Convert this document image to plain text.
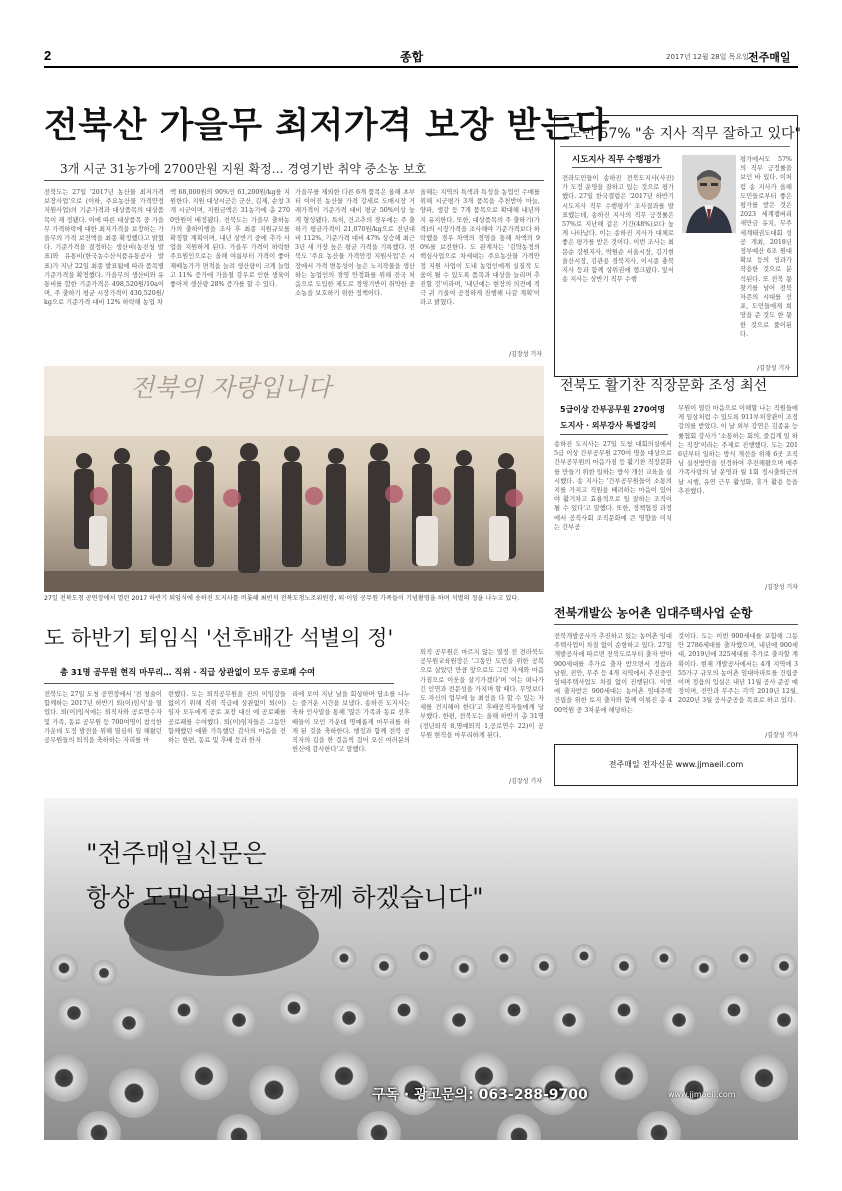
2	종합	2017년 12월 28일 목요일 전주매일
전북산 가을무 최저가격 보장 받는다
3개 시군 31농가에 2700만원 지원 확정… 경영기반 취약 중소농 보호
전북도는 27일 '2017년 농산물 최저가격 보장사업'으로 (이하, 주요농산물 가격안정 지원사업)의 기준가격과 대상품목의 대상품목이 재 정됐다. 이에 따른 대상품목 중 가을무 가격하락에 대한 최저가격을 보장하는 가을무의 가격 보전액을 최종 확정했다고 밝혔다. 기준가격을 결정하는 생산비(농진청 발표)와 유통비(한국농수산식품유통공사 발표)가 지난 22일 최종 발표됨에 따라 품목별 기준가격을 확정했다. 가을무의 생산비와 유통비를 합한 기준가격은 498,520원/10a이며, 주 출하기 평균 시장가격이 430,520원/kg으로 기준가격 대비 12% 하락해 농업 차
액 68,000원의 90%인 61,200원/kg를 지원한다. 지원 대상시군은 군산, 김제, 순창 3개 시군이며, 지원금액은 31농가에 총 2700만원이 배정됐다. 전북도는 가을무 출하농가의 출하이행을 조사 후 최종 지원규모를 확정할 계획이며, 내년 상반기 중에 추가 사업을 지원하게 된다. 가을무 가격이 하락한 주요원인으로는 올해 여름부터 가격이 좋아 재배농가가 면적을 늘려 생산량이 크게 늘었고 11% 증가에 가을철 강우로 인한 생육이 좋아져 생산량 28% 증가를 할 수 있다.
가을무를 제외한 다른 6개 품목은 올해 초부터 이어진 농산물 가격 강세로 도매시장 거래가격이 기준가격 대비 평균 50%이상 높게 형성됐다. 특히, 건고추의 경우에는 주 출하기 평균가격이 21,070원/kg으로 전년대비 112%, 기준가격 대비 47% 상승해 최근 3년 새 가장 높은 평균 가격을 기록했다. 전북도 '주요 농산물 가격안정 지원사업'은 시장에서 가격 변동성이 높은 노지작물을 생산하는 농업인의 경영 안정화를 위해 전국 처음으로 도입한 제도로 경영기반이 취약한 중소농을 보호하기 위한 정책이다.
올해는 지역의 특색과 특성을 농업인 수매를 위해 시군평가 3개 품목을 추천받아 마늘, 양파, 생강 등 7개 품목으로 확대해 내년까지 유지한다. 또한, 대상품목의 주 출하기(가격)의 시장가격을 조사해야 기준가격보다 하락했을 경우 차액의 경영을 통해 차액의 90%를 보전한다. 도 관계자는 '김약농정의 핵심사업으로 차세대는 주요농산물 가격안정 지원 사업이 도내 농업인에게 실질적 도움이 될 수 있도록 품목과 대상을 늘리며 추진할 것'이라며, '내년에는 현장의 의견에 적극 귀 기울여 공정하게 진행해 나갈 계획'이라고 밝혔다.
/김장성 기자
도민 57% "송 지사 직무 잘하고 있다"
시도지사 직무 수행평가
전라도민들이 송하진 전북도지사(사진)가 도정 운영을 잘하고 있는 것으로 평가했다. 27일 한국갤럽은 '2017년 하반기 시도지사 직무 수행평가' 조사결과를 발표했는데, 송하진 지사의 직무 긍정률은 57%로 지난해 같은 기간(48%)보다 높게 나타났다. 이는 송하진 지사가 대체로 좋은 평가를 받은 것이다. 이번 조사는 최문순 강원지사, 박원순 서울시장, 김기현 울산시장, 김관용 경북지사, 이시종 충북지사 등과 함께 상위권에 랭크됐다. 앞서 송 지사는 상반기 직무 수행
평가에서도 57%의 직무 긍정률을 보인 바 있다. 이처럼 송 지사가 올해 도민들로부터 좋은 평가를 받은 것은 2023 세계잼버리 새만금 유치, 무주세계태권도대회 성공 개최, 2018년 정부예산 6조 원대 확보 등의 성과가 작용한 것으로 분석된다. 또 전북 몫 찾기를 넘어 전북 자존의 시대를 선포, 도민들에게 희망을 준 것도 한 몫 한 것으로 풀이된다.
/김장성 기자
전북의 자랑입니다
27일 전북도청 공연장에서 열린 2017 하반기 퇴임식에 송하진 도지사를 비롯해 최빈석 전북도청노조위원장, 퇴·이임 공무원 가족들이 기념촬영을 하며 석별의 정을 나누고 있다.
도 하반기 퇴임식 '선후배간 석별의 정'
총 31명 공무원 현직 마무리… 직위 · 직급 상관없이 모두 공로패 수여
전북도는 27일 도청 공연장에서 '전 청술이 함께하는 2017년 하반기 퇴(이)임식'을 열었다. 퇴(이)임식에는 퇴직자와 공로연수자 및 가족, 동료 공무원 등 700여명이 참석한 가운데 도정 발전을 위해 열심히 일 해왔던 공무원들의 퇴직을 축하하는 자리를 마
련했다. 도는 퇴직공무원을 진의 이임강들 없이기 위해 직위 직급에 상관없이 퇴(이)임자 모두에게 공로 포장 대신 에 공로패를 공로패를 수여했다. 퇴(이)임자들은 그동안 함께했던 애환 가득했던 감사의 마음을 전하는 한편, 동료 및 후배 등과 한자
리에 모여 지난 날을 회상하며 담소를 나누는 즐거운 시간을 보냈다. 송하진 도지사는 축하 인사말을 통해 '많은 가족과 동료 선후배들이 모인 가운데 명예롭게 마무리를 하게 된 것을 축하한다. 행정과 함께 전북 공직자의 길을 한 걸음씩 걸어 오신 여러분의 헌신에 감사한다'고 말했다.
퇴직 공무원은 마르지 않는 열정 전 전라북도 공무원교육원장은 '그동안 도민을 위한 공복으로 살았던 만큼 앞으로도 그런 자세와 마음가짐으로 이웃을 살기가겠다'며 '이는 떠나가 긴 인연과 전문성을 가지며 할 때다. 무엇보다도 자신의 업무에 늘 최선을 다 할 수 있는 자세를 견지해야 한다'고 후배공직자들에게 당부했다. 한편, 전북도는 올해 하반기 총 31명(정년퇴직 8,명예퇴직 1,공로연수 22)이 공무원 현직을 마무리하게 된다.
/김장성 기자
전북도 활기찬 직장문화 조성 최선
5급이상 간부공무원 270여명
도지사 · 외부강사 특별강의
송하진 도지사는 27일 도청 대회의실에서 5급 이상 간부공무원 270여 명을 대상으로 간부공무원의 마음가짐 등 활기찬 직장문화를 만들기 위한 일하는 방식 개선 교육을 실시했다. 송 지사는 '간부공무원들이 소통의 지를 가지고 직원을 배려하는 마음이 있어야 활기차고 효율적으로 일 잘하는 조직이 될 수 있다'고 말했다. 또한, 정책협정 과정에서 공직사회 조직문화에 큰 영향을 미치는 간부공
무원이 열린 마음으로 이해할 나는 직원들에게 일상처럼 수 있도록 911부처장관이 조정 강의를 받았다. 이 날 외부 강연은 김종윤 능률협회 강사가 '소통하는 회의, 즐겁게 일 하는 직장'이라는 주제로 진행했다. 도는 2016년부터 일하는 방식 개선을 위해 6곳 조직님 실천방안을 선정하여 추진해왔으며 매주 가족사랑의 날 운영과 월 1회 정시출퇴근의 날 시행, 유연 근무 활성화, 휴가 활용 등을 추진했다.
/김장성 기자
전북개발公 농어촌 임대주택사업 순항
전북개발공사가 추진하고 있는 농어촌 임대주택사업이 차질 없이 순항하고 있다. 27일 개발공사에 따르면 전북도로부터 출자 받아 900세대를 추가로 출자 받으면서 정읍과 남원, 진안, 무주 등 4개 지역에서 추진중인 임대주택사업도 차질 없이 진행된다. 이번에 출자받은 900세대는 농어촌 임대주택 건립을 위한 토지 출자와 함께 이뤄진 총 400억원 중 3차분에 해당하는
것이다. 도는 이번 900세대를 포함해 그동안 2786세대를 출자했으며, 내년에 900세대, 2019년에 325세대를 추가로 출자할 계획이다. 현재 개발공사에서는 4개 지역에 355가구 규모의 농어촌 임대아파트를 건립중이며 정읍의 입실은 내년 11월 공사 준공 예정이며, 진안과 무주는 각각 2019년 12월, 2020년 3월 공사준공을 목표로 하고 있다.
/김장성 기자
전주매일 전자신문 www.jjmaeil.com
"전주매일신문은
항상 도민여러분과 함께 하겠습니다"
구독 · 광고문의: 063-288-9700	www.jjmaeil.com
